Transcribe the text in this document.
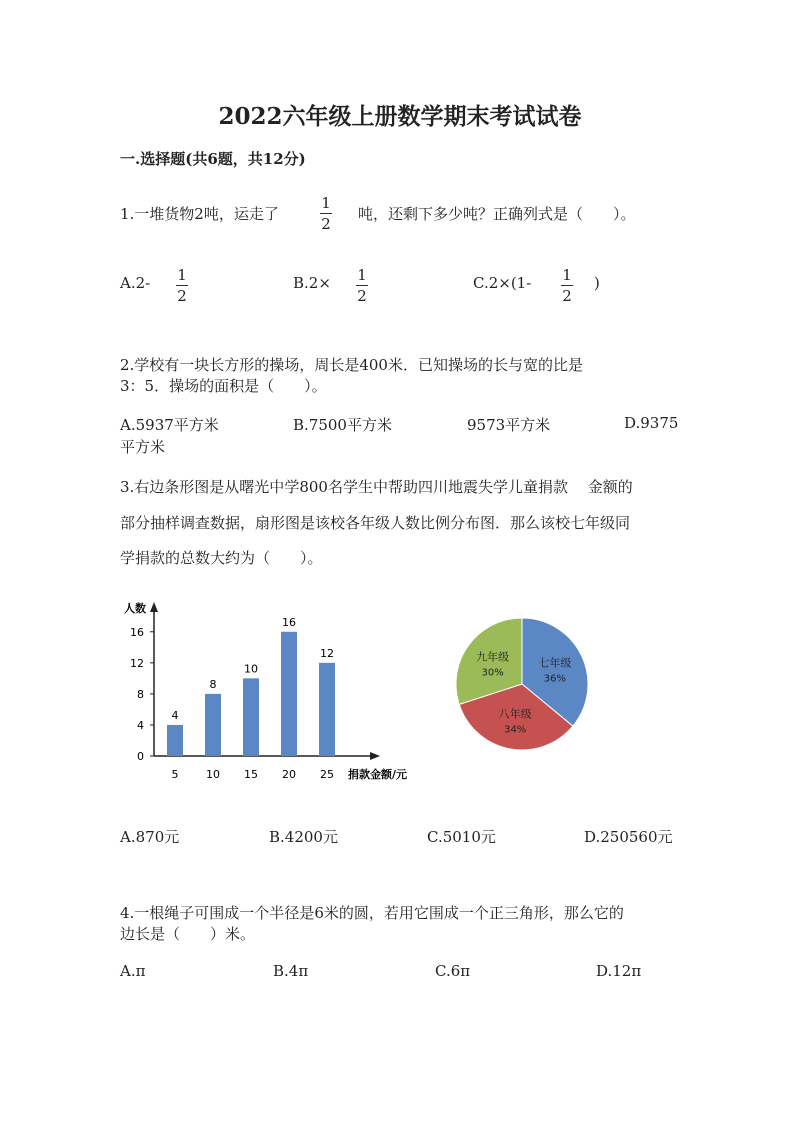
2022六年级上册数学期末考试试卷
一.选择题(共6题，共12分)
1.一堆货物2吨，运走了
1
2
吨，还剩下多少吨？正确列式是（　　）。
A.2- 1
2
B.2× 1
2
C.2×(1- 1
2
)
2.学校有一块长方形的操场，周长是400米．已知操场的长与宽的比是
3：5．操场的面积是（　　）。
A.5937平方米	B.7500平方米	9573平方米	D.9375
平方米
3.右边条形图是从曙光中学800名学生中帮助四川地震失学儿童捐款　 金额的
部分抽样调查数据，扇形图是该校各年级人数比例分布图．那么该校七年级同
学捐款的总数大约为（　　）。
人数
捐款金额/元
0
4
8
12
16
4
5
8
10
10
15
16
20
12
25
七年级
36%
八年级
34%
九年级
30%
A.870元	B.4200元	C.5010元	D.250560元
4.一根绳子可围成一个半径是6米的圆，若用它围成一个正三角形，那么它的
边长是（　　）米。
A.π	B.4π	C.6π	D.12π
